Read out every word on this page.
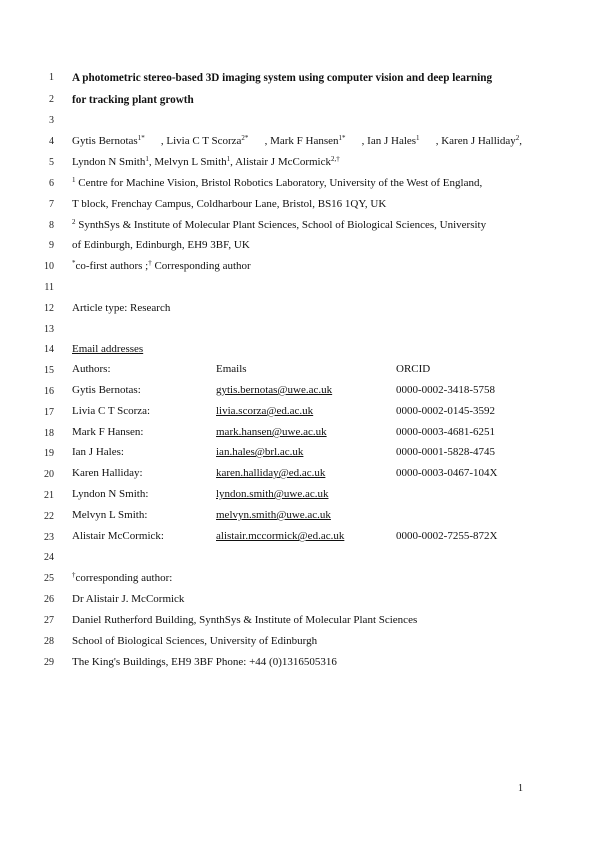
1
2
3
4
5
6
7
8
9
10
11
12
13
14
15
16
17
18
19
20
21
22
23
24
25
26
27
28
29
A photometric stereo-based 3D imaging system using computer vision and deep learning
for tracking plant growth
Gytis Bernotas$^{1*}$ , Livia C T Scorza$^{2*}$ , Mark F Hansen$^{1*}$ , Ian J Hales$^1$ , Karen J Halliday$^2$,
Lyndon N Smith$^1$, Melvyn L Smith$^1$, Alistair J McCormick$^{2,\dagger}$
$^1$ Centre for Machine Vision, Bristol Robotics Laboratory, University of the West of England,
T block, Frenchay Campus, Coldharbour Lane, Bristol, BS16 1QY, UK
$^2$ SynthSys & Institute of Molecular Plant Sciences, School of Biological Sciences, University
of Edinburgh, Edinburgh, EH9 3BF, UK
*co-first authors ;† Corresponding author
Article type: Research
Email addresses
Authors:	Emails	ORCID
Gytis Bernotas:	gytis.bernotas@uwe.ac.uk	0000-0002-3418-5758
Livia C T Scorza:	livia.scorza@ed.ac.uk	0000-0002-0145-3592
Mark F Hansen:	mark.hansen@uwe.ac.uk	0000-0003-4681-6251
Ian J Hales:	ian.hales@brl.ac.uk	0000-0001-5828-4745
Karen Halliday:	karen.halliday@ed.ac.uk	0000-0003-0467-104X
Lyndon N Smith:	lyndon.smith@uwe.ac.uk
Melvyn L Smith:	melvyn.smith@uwe.ac.uk
Alistair McCormick:	alistair.mccormick@ed.ac.uk	0000-0002-7255-872X
†corresponding author:
Dr Alistair J. McCormick
Daniel Rutherford Building, SynthSys & Institute of Molecular Plant Sciences
School of Biological Sciences, University of Edinburgh
The King's Buildings, EH9 3BF Phone: +44 (0)1316505316
1
